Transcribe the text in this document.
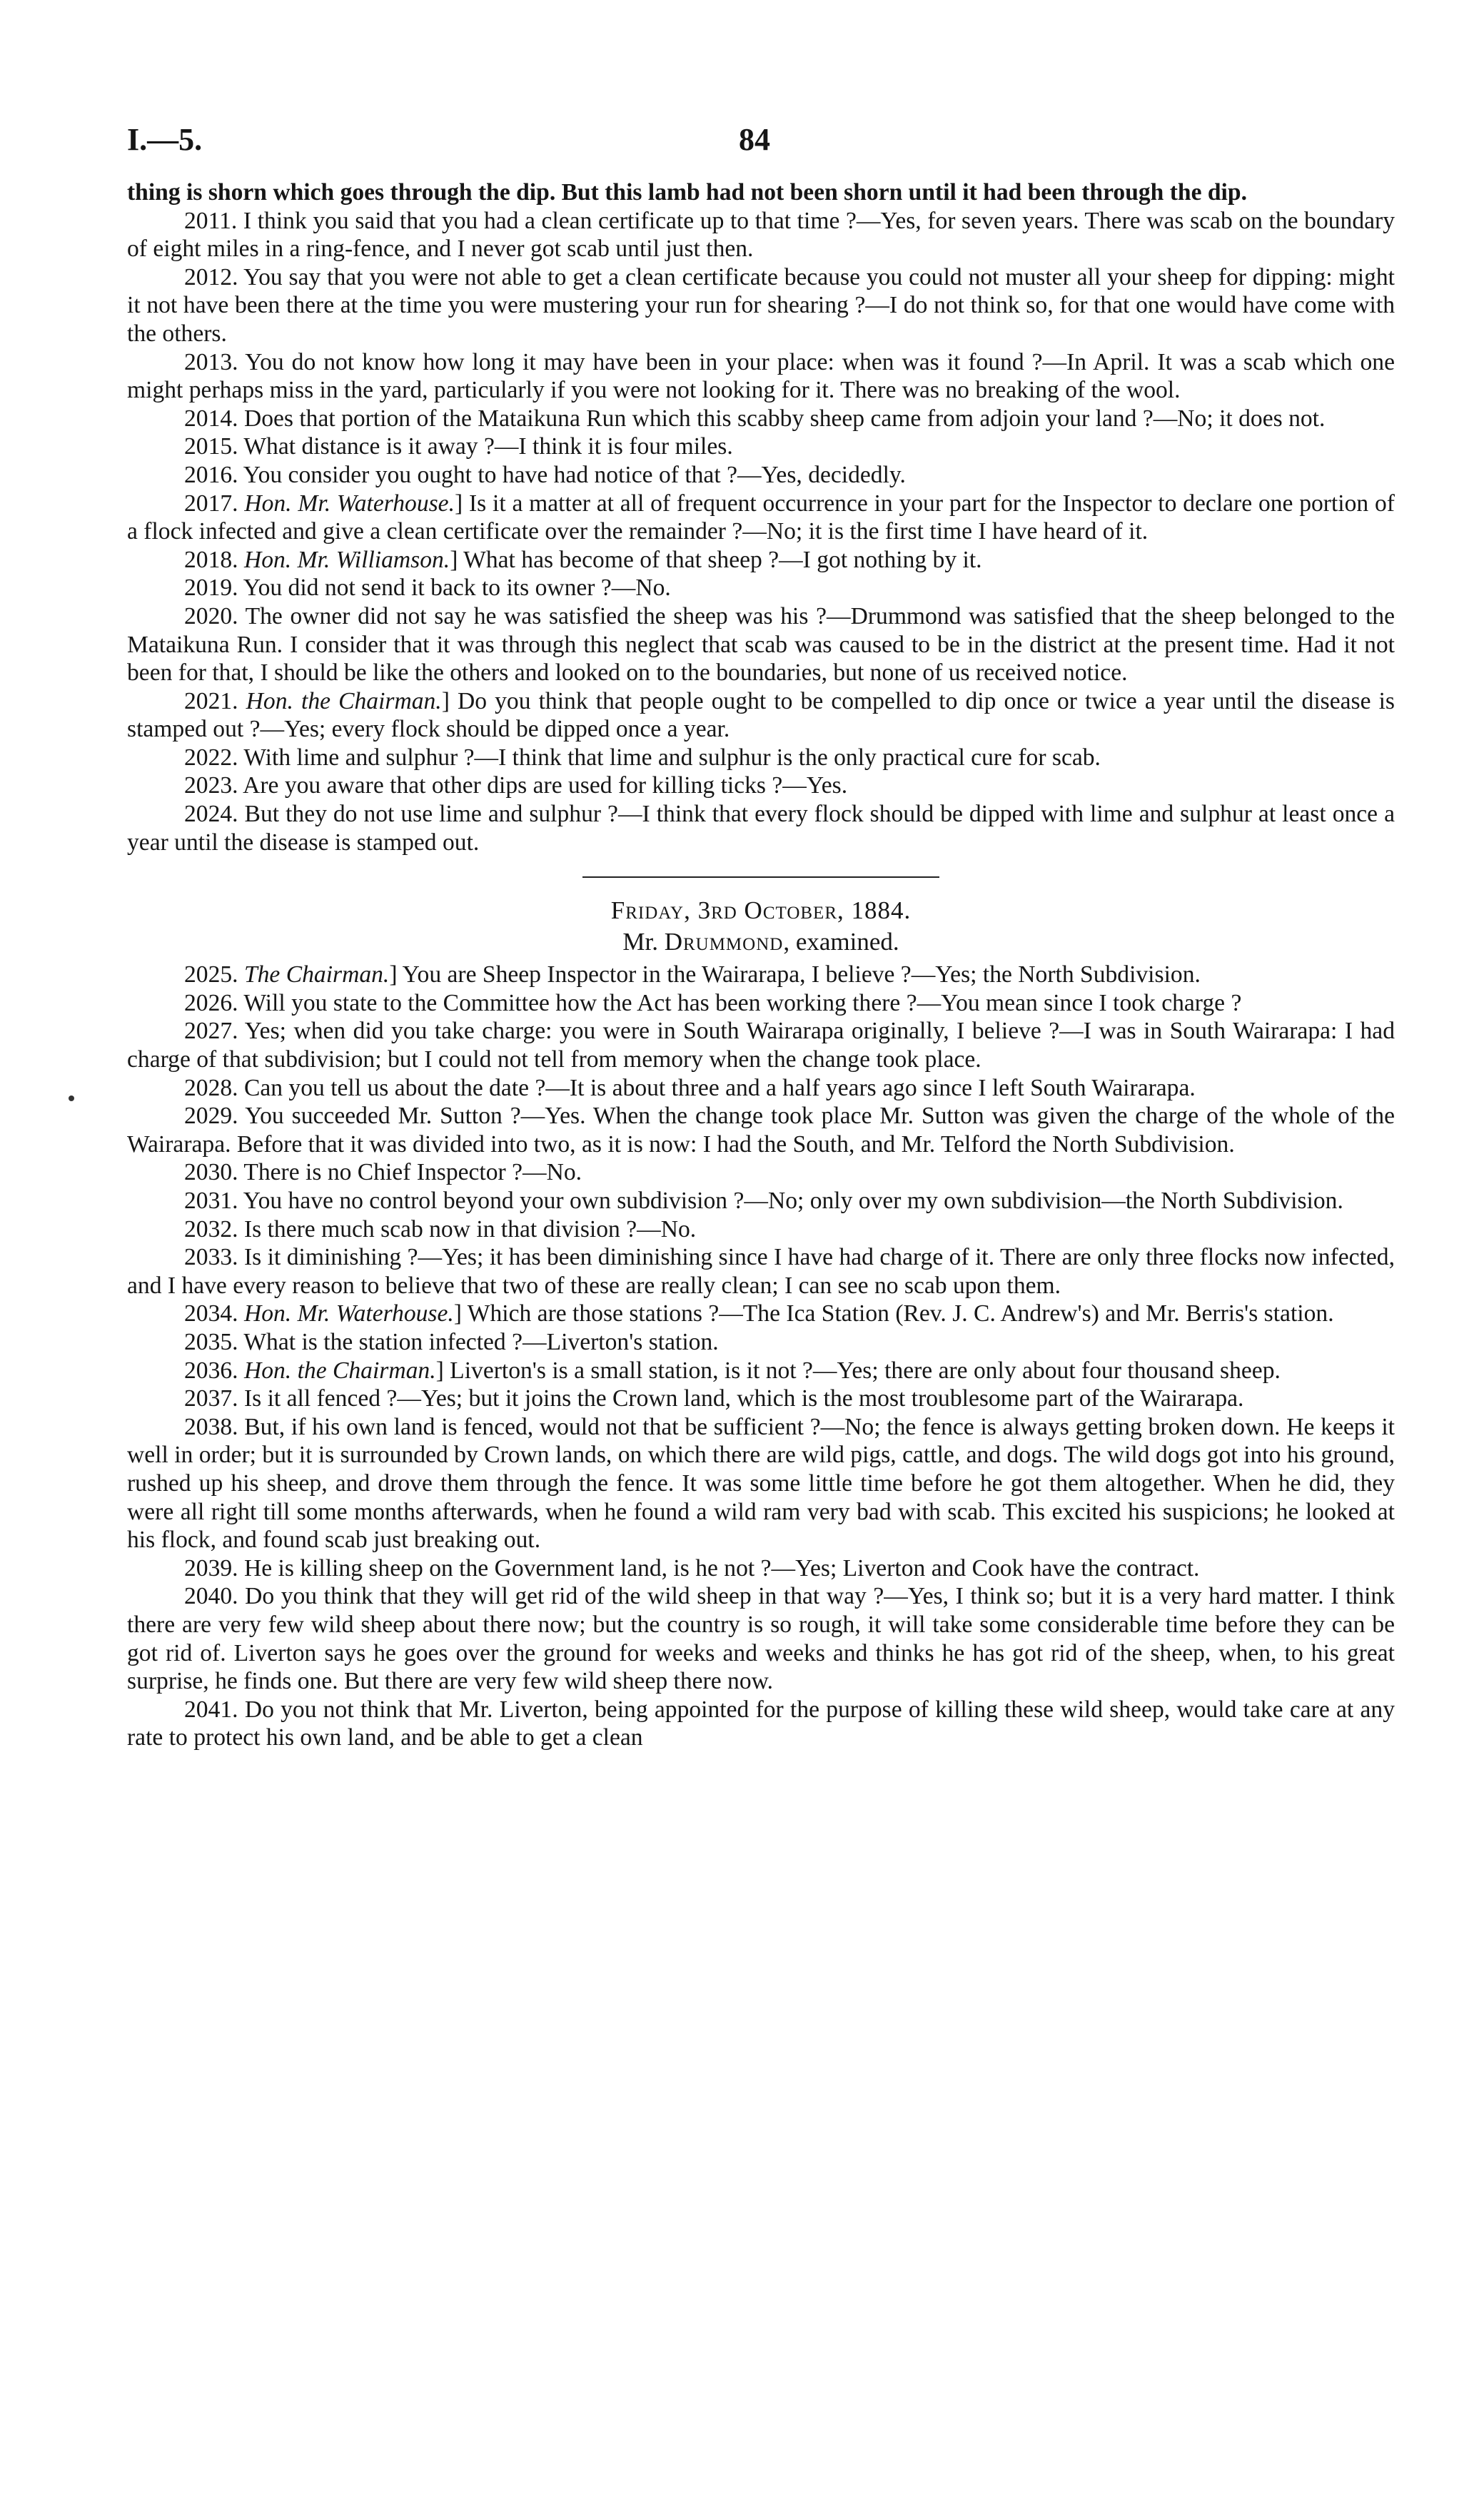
I.—5.	84

thing is shorn which goes through the dip. But this lamb had not been shorn until it had been through the dip.

2011. I think you said that you had a clean certificate up to that time ?—Yes, for seven years. There was scab on the boundary of eight miles in a ring-fence, and I never got scab until just then.

2012. You say that you were not able to get a clean certificate because you could not muster all your sheep for dipping: might it not have been there at the time you were mustering your run for shearing ?—I do not think so, for that one would have come with the others.

2013. You do not know how long it may have been in your place: when was it found ?—In April. It was a scab which one might perhaps miss in the yard, particularly if you were not looking for it. There was no breaking of the wool.

2014. Does that portion of the Mataikuna Run which this scabby sheep came from adjoin your land ?—No; it does not.

2015. What distance is it away ?—I think it is four miles.

2016. You consider you ought to have had notice of that ?—Yes, decidedly.

2017. Hon. Mr. Waterhouse.] Is it a matter at all of frequent occurrence in your part for the Inspector to declare one portion of a flock infected and give a clean certificate over the remainder ?—No; it is the first time I have heard of it.

2018. Hon. Mr. Williamson.] What has become of that sheep ?—I got nothing by it.

2019. You did not send it back to its owner ?—No.

2020. The owner did not say he was satisfied the sheep was his ?—Drummond was satisfied that the sheep belonged to the Mataikuna Run. I consider that it was through this neglect that scab was caused to be in the district at the present time. Had it not been for that, I should be like the others and looked on to the boundaries, but none of us received notice.

2021. Hon. the Chairman.] Do you think that people ought to be compelled to dip once or twice a year until the disease is stamped out ?—Yes; every flock should be dipped once a year.

2022. With lime and sulphur ?—I think that lime and sulphur is the only practical cure for scab.

2023. Are you aware that other dips are used for killing ticks ?—Yes.

2024. But they do not use lime and sulphur ?—I think that every flock should be dipped with lime and sulphur at least once a year until the disease is stamped out.

Friday, 3rd October, 1884.

Mr. Drummond, examined.

2025. The Chairman.] You are Sheep Inspector in the Wairarapa, I believe ?—Yes; the North Subdivision.

2026. Will you state to the Committee how the Act has been working there ?—You mean since I took charge ?

2027. Yes; when did you take charge: you were in South Wairarapa originally, I believe ?—I was in South Wairarapa: I had charge of that subdivision; but I could not tell from memory when the change took place.

2028. Can you tell us about the date ?—It is about three and a half years ago since I left South Wairarapa.

2029. You succeeded Mr. Sutton ?—Yes. When the change took place Mr. Sutton was given the charge of the whole of the Wairarapa. Before that it was divided into two, as it is now: I had the South, and Mr. Telford the North Subdivision.

2030. There is no Chief Inspector ?—No.

2031. You have no control beyond your own subdivision ?—No; only over my own subdivision—the North Subdivision.

2032. Is there much scab now in that division ?—No.

2033. Is it diminishing ?—Yes; it has been diminishing since I have had charge of it. There are only three flocks now infected, and I have every reason to believe that two of these are really clean; I can see no scab upon them.

2034. Hon. Mr. Waterhouse.] Which are those stations ?—The Ica Station (Rev. J. C. Andrew's) and Mr. Berris's station.

2035. What is the station infected ?—Liverton's station.

2036. Hon. the Chairman.] Liverton's is a small station, is it not ?—Yes; there are only about four thousand sheep.

2037. Is it all fenced ?—Yes; but it joins the Crown land, which is the most troublesome part of the Wairarapa.

2038. But, if his own land is fenced, would not that be sufficient ?—No; the fence is always getting broken down. He keeps it well in order; but it is surrounded by Crown lands, on which there are wild pigs, cattle, and dogs. The wild dogs got into his ground, rushed up his sheep, and drove them through the fence. It was some little time before he got them altogether. When he did, they were all right till some months afterwards, when he found a wild ram very bad with scab. This excited his suspicions; he looked at his flock, and found scab just breaking out.

2039. He is killing sheep on the Government land, is he not ?—Yes; Liverton and Cook have the contract.

2040. Do you think that they will get rid of the wild sheep in that way ?—Yes, I think so; but it is a very hard matter. I think there are very few wild sheep about there now; but the country is so rough, it will take some considerable time before they can be got rid of. Liverton says he goes over the ground for weeks and weeks and thinks he has got rid of the sheep, when, to his great surprise, he finds one. But there are very few wild sheep there now.

2041. Do you not think that Mr. Liverton, being appointed for the purpose of killing these wild sheep, would take care at any rate to protect his own land, and be able to get a clean
